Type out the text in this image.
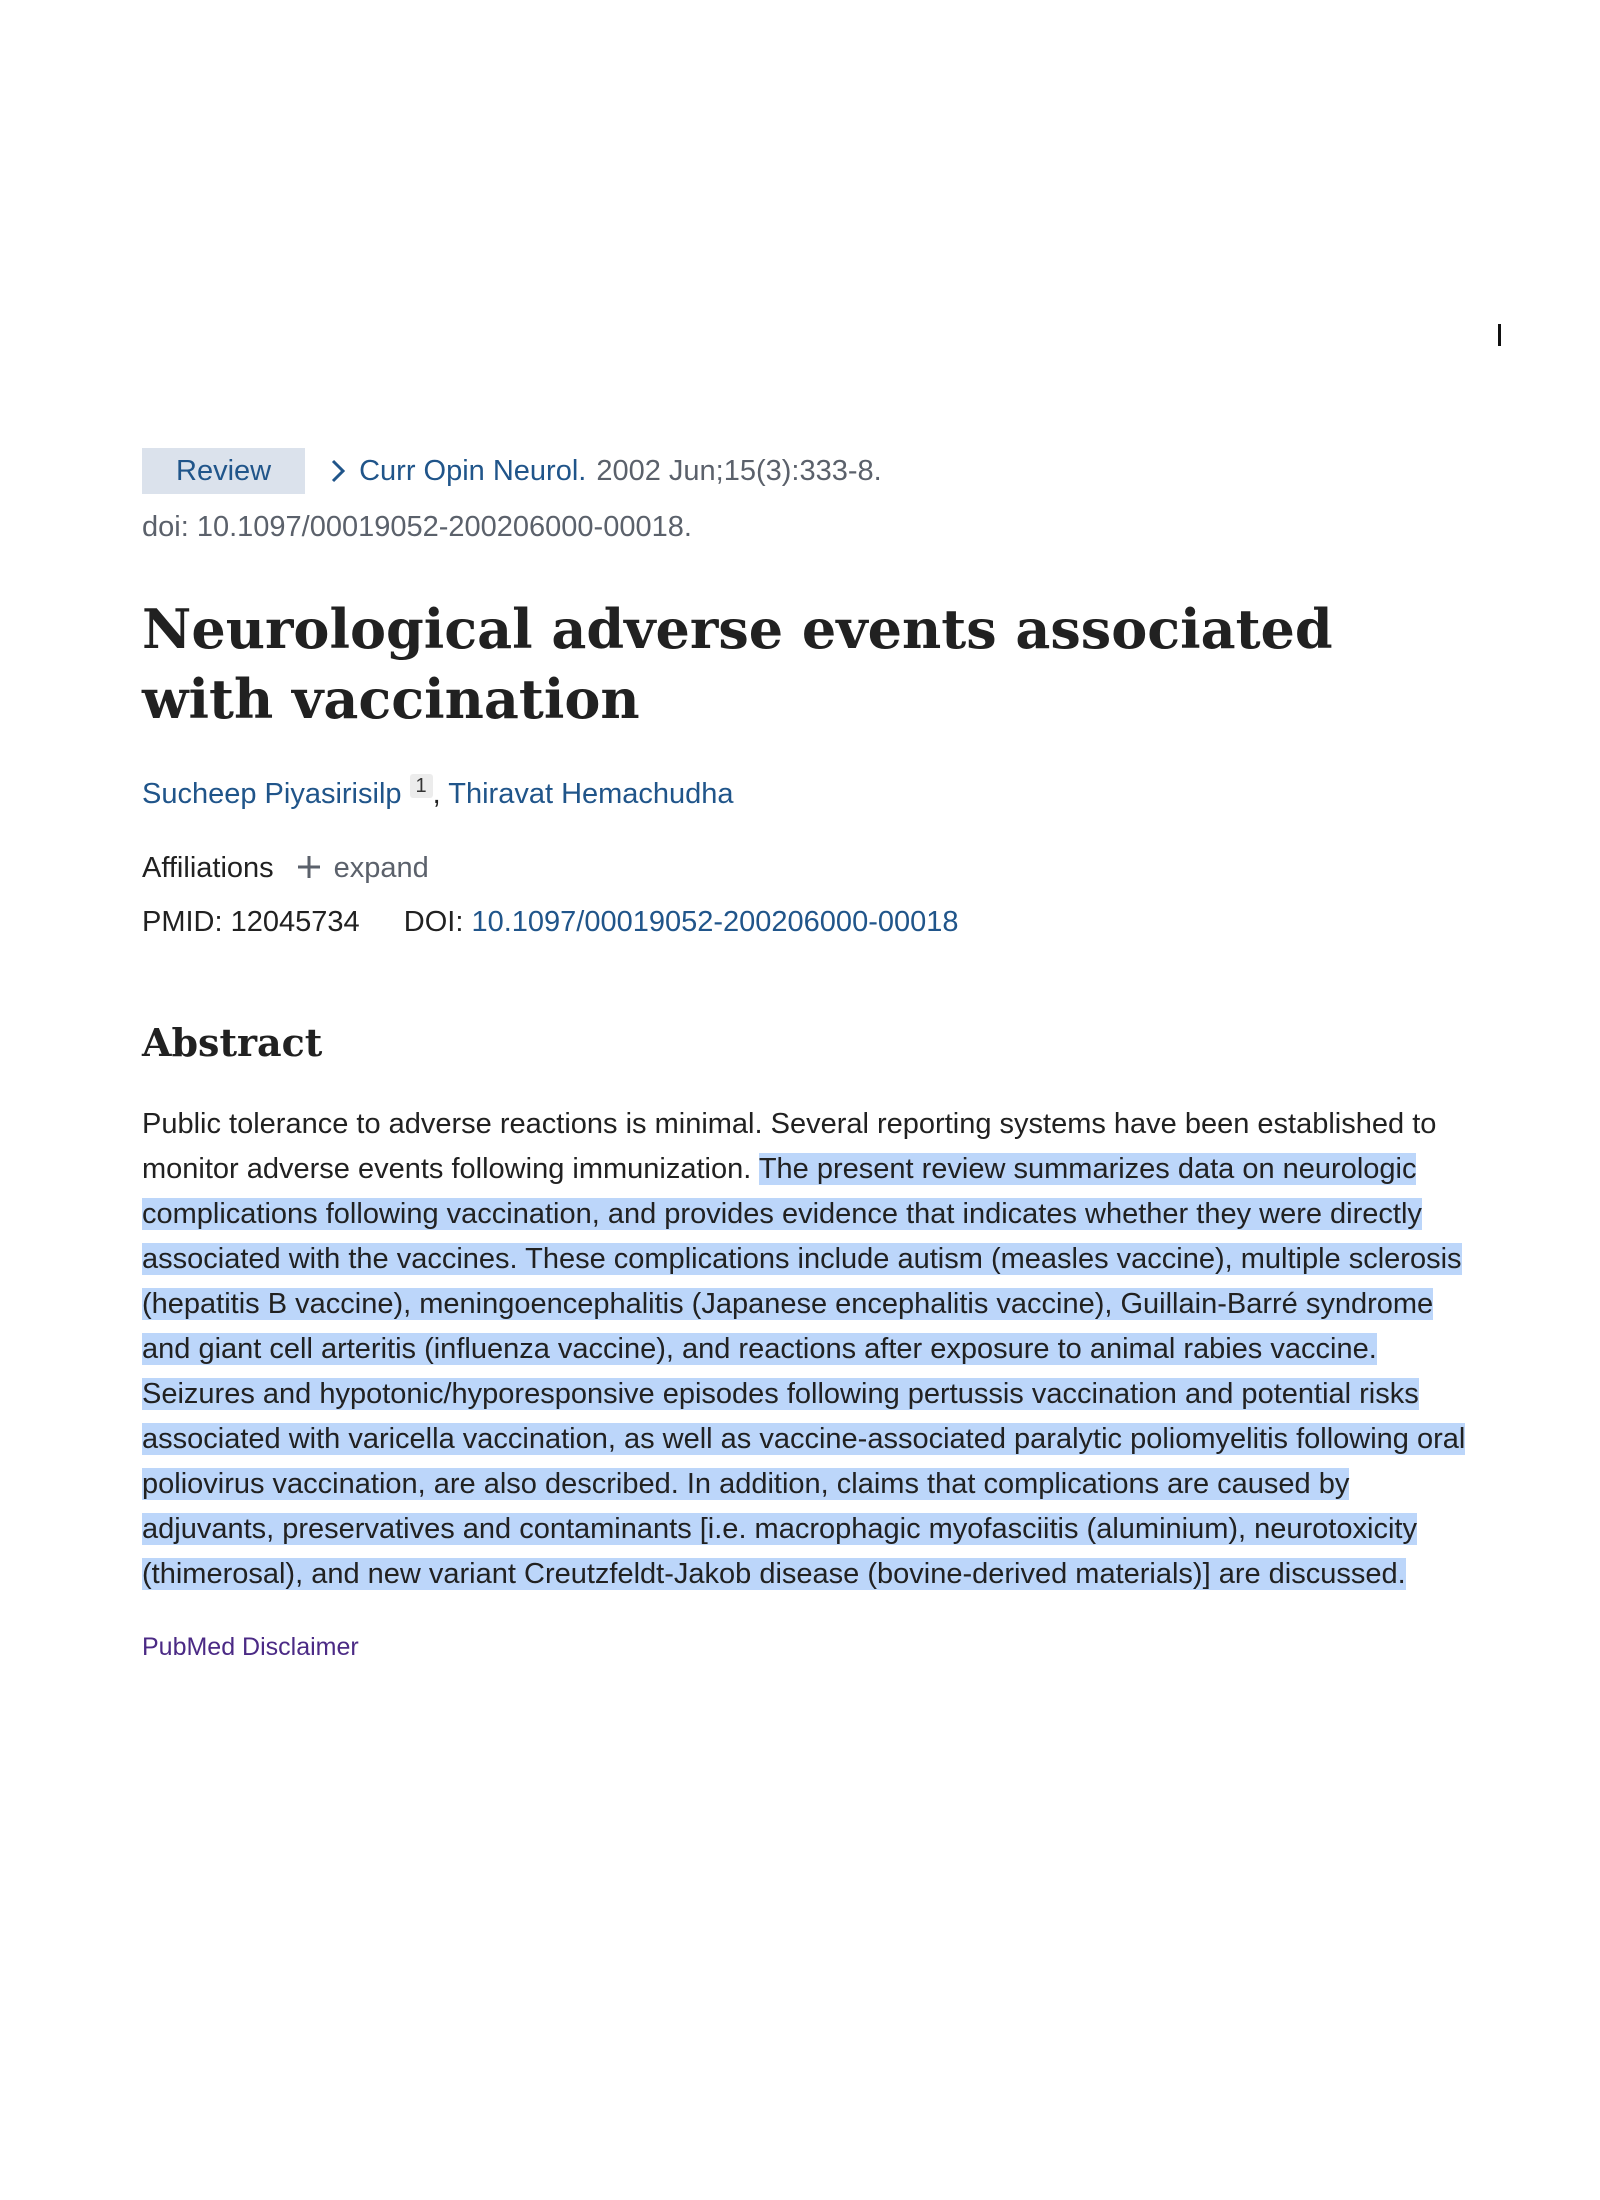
Review	Curr Opin Neurol. 2002 Jun;15(3):333-8.
doi: 10.1097/00019052-200206000-00018.
Neurological adverse events associated with vaccination
Sucheep Piyasirisilp 1 , Thiravat Hemachudha
Affiliations expand
PMID: 12045734 DOI: 10.1097/00019052-200206000-00018
Abstract
Public tolerance to adverse reactions is minimal. Several reporting systems have been established to monitor adverse events following immunization. The present review summarizes data on neurologic complications following vaccination, and provides evidence that indicates whether they were directly associated with the vaccines. These complications include autism (measles vaccine), multiple sclerosis (hepatitis B vaccine), meningoencephalitis (Japanese encephalitis vaccine), Guillain-Barré syndrome and giant cell arteritis (influenza vaccine), and reactions after exposure to animal rabies vaccine. Seizures and hypotonic/hyporesponsive episodes following pertussis vaccination and potential risks associated with varicella vaccination, as well as vaccine-associated paralytic poliomyelitis following oral poliovirus vaccination, are also described. In addition, claims that complications are caused by adjuvants, preservatives and contaminants [i.e. macrophagic myofasciitis (aluminium), neurotoxicity (thimerosal), and new variant Creutzfeldt-Jakob disease (bovine-derived materials)] are discussed.
PubMed Disclaimer
